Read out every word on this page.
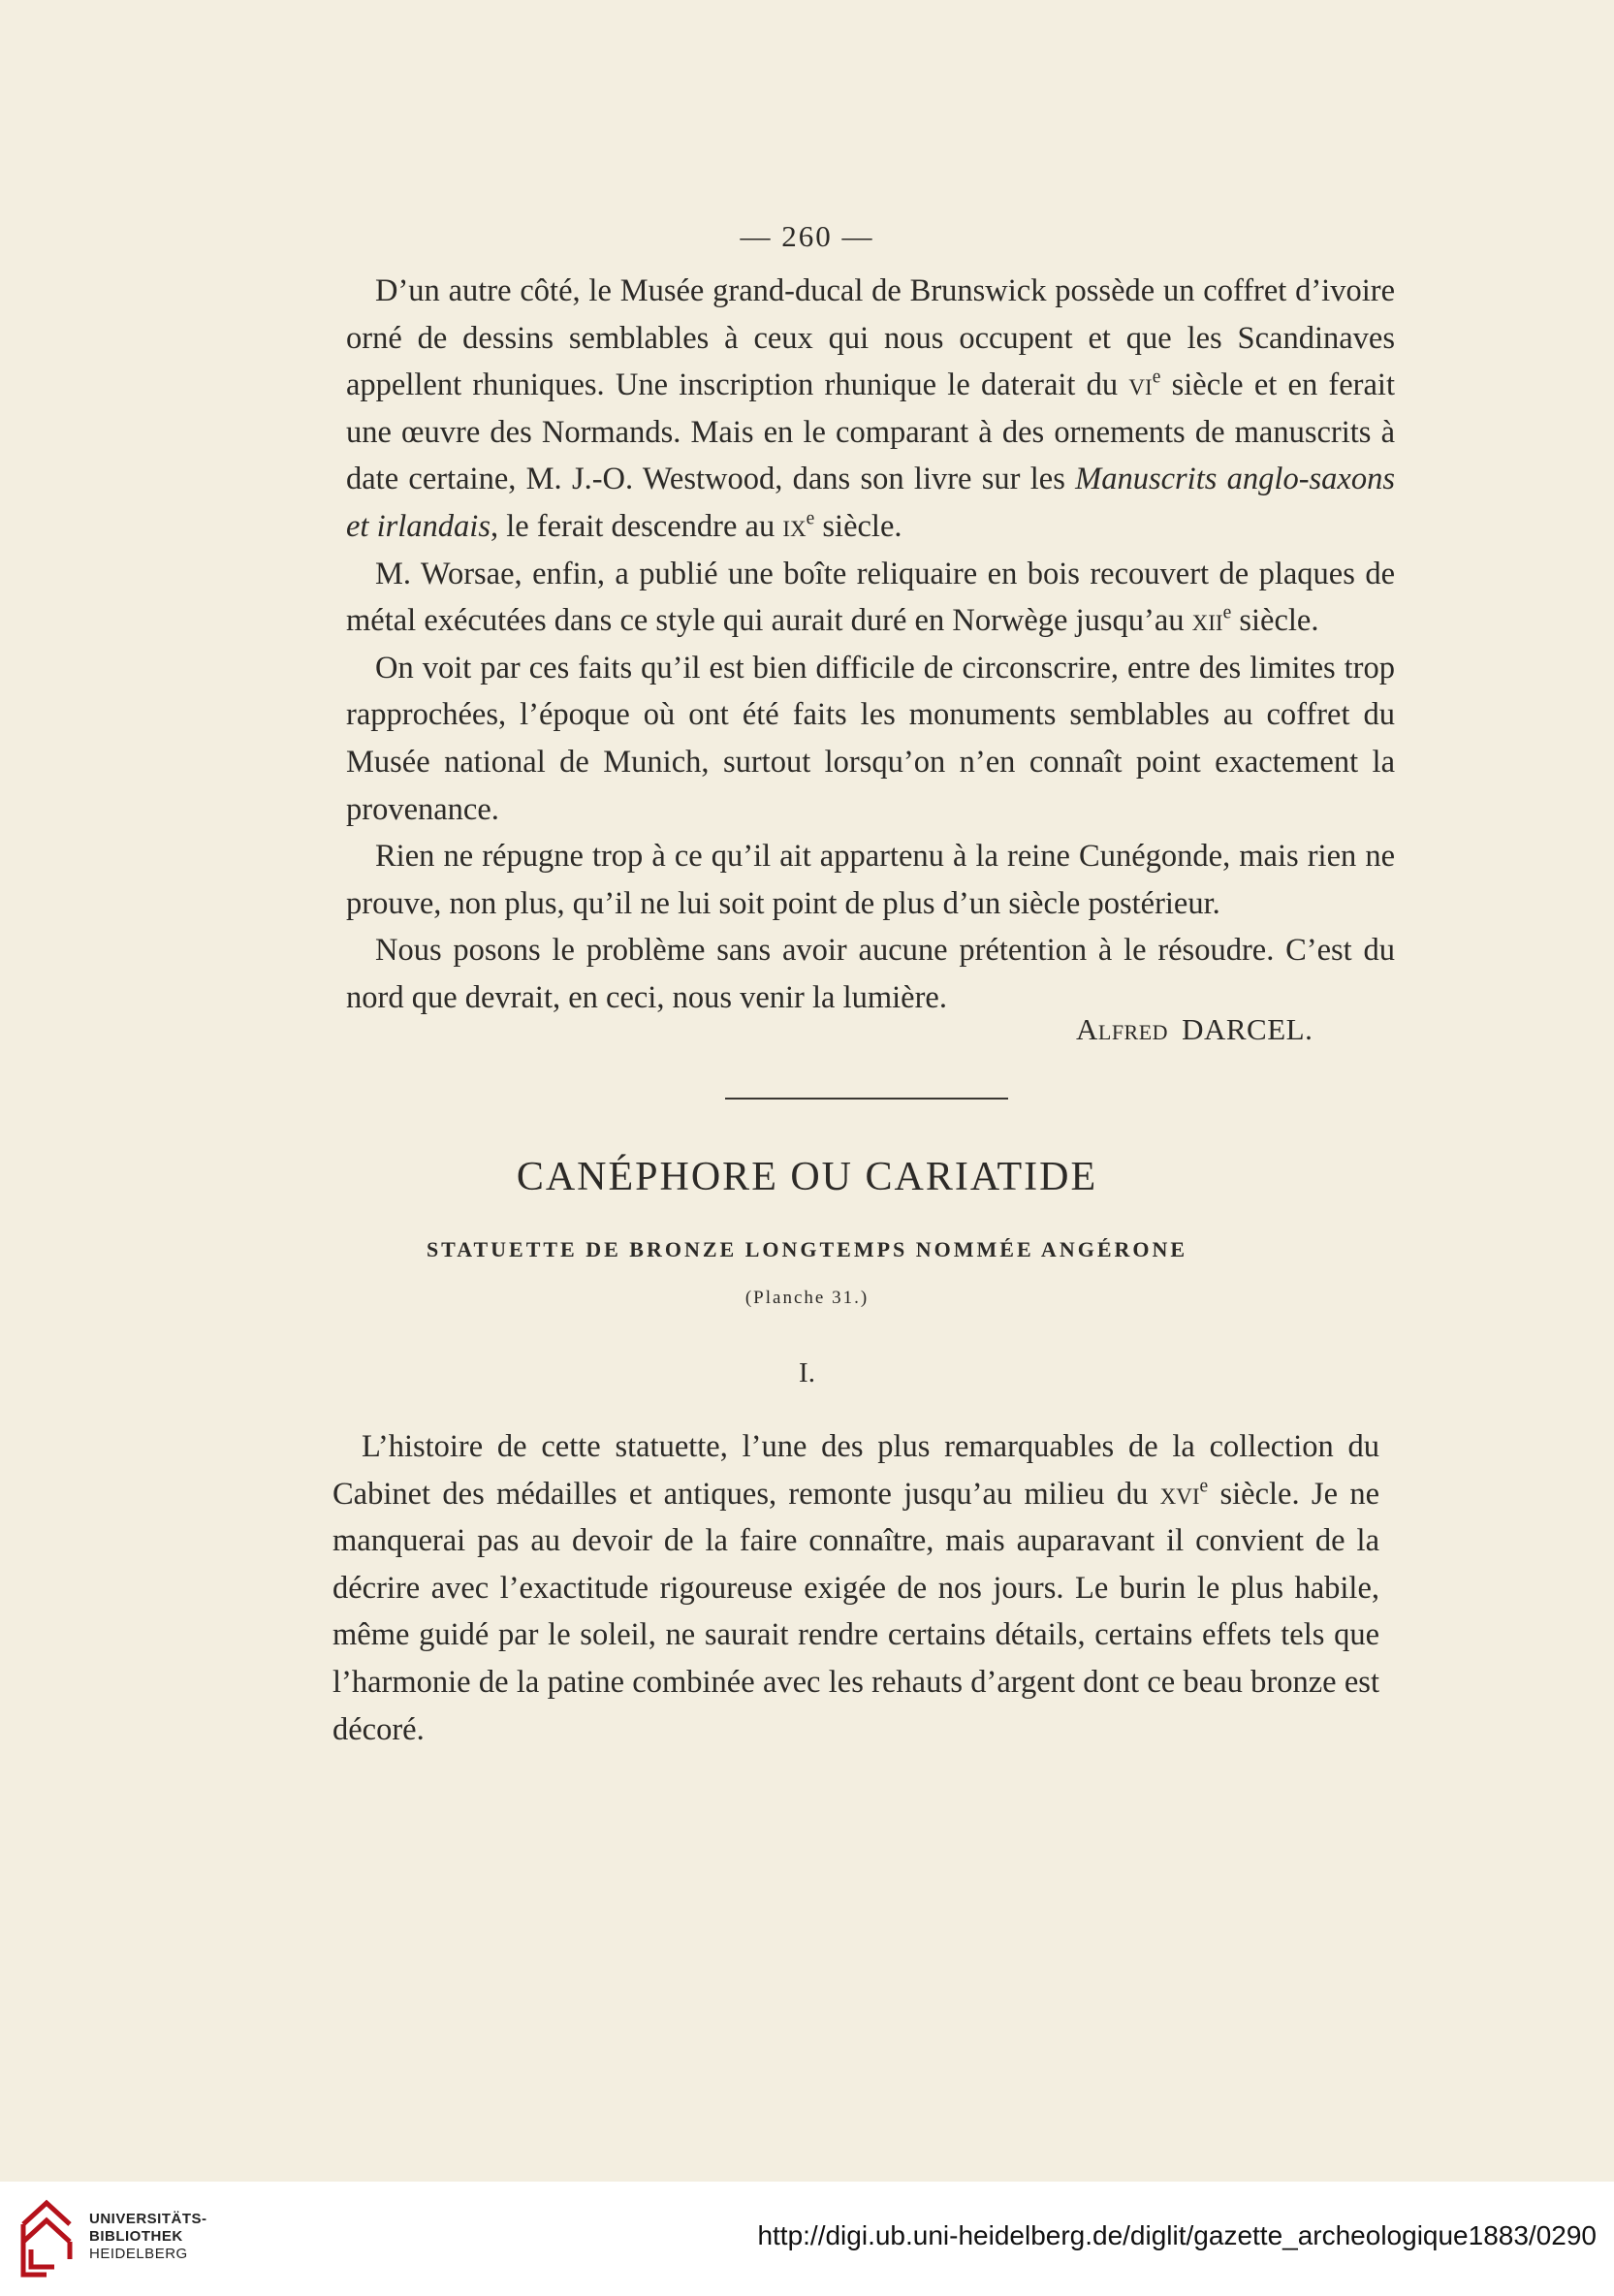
— 260 —

D’un autre côté, le Musée grand-ducal de Brunswick possède un coffret d’ivoire orné de dessins semblables à ceux qui nous occupent et que les Scandinaves appellent rhuniques. Une inscription rhunique le daterait du $vi^e$ siècle et en ferait une œuvre des Normands. Mais en le comparant à des ornements de manuscrits à date certaine, M. J.-O. Westwood, dans son livre sur les Manuscrits anglo-saxons et irlandais, le ferait descendre au $ix^e$ siècle.

M. Worsae, enfin, a publié une boîte reliquaire en bois recouvert de plaques de métal exécutées dans ce style qui aurait duré en Norwège jusqu’au xii$^e$ siècle.

On voit par ces faits qu’il est bien difficile de circonscrire, entre des limites trop rapprochées, l’époque où ont été faits les monuments semblables au coffret du Musée national de Munich, surtout lorsqu’on n’en connaît point exactement la provenance.

Rien ne répugne trop à ce qu’il ait appartenu à la reine Cunégonde, mais rien ne prouve, non plus, qu’il ne lui soit point de plus d’un siècle postérieur.

Nous posons le problème sans avoir aucune prétention à le résoudre. C’est du nord que devrait, en ceci, nous venir la lumière.

Alfred DARCEL.
CANÉPHORE OU CARIATIDE
STATUETTE DE BRONZE LONGTEMPS NOMMÉE ANGÉRONE
(Planche 31.)
I.

L’histoire de cette statuette, l’une des plus remarquables de la collection du Cabinet des médailles et antiques, remonte jusqu’au milieu du xvi$^e$ siècle. Je ne manquerai pas au devoir de la faire connaître, mais auparavant il convient de la décrire avec l’exactitude rigoureuse exigée de nos jours. Le burin le plus habile, même guidé par le soleil, ne saurait rendre certains détails, certains effets tels que l’harmonie de la patine combinée avec les rehauts d’argent dont ce beau bronze est décoré.

UNIVERSITÄTS-
BIBLIOTHEK
HEIDELBERG
http://digi.ub.uni-heidelberg.de/diglit/gazette_archeologique1883/0290
